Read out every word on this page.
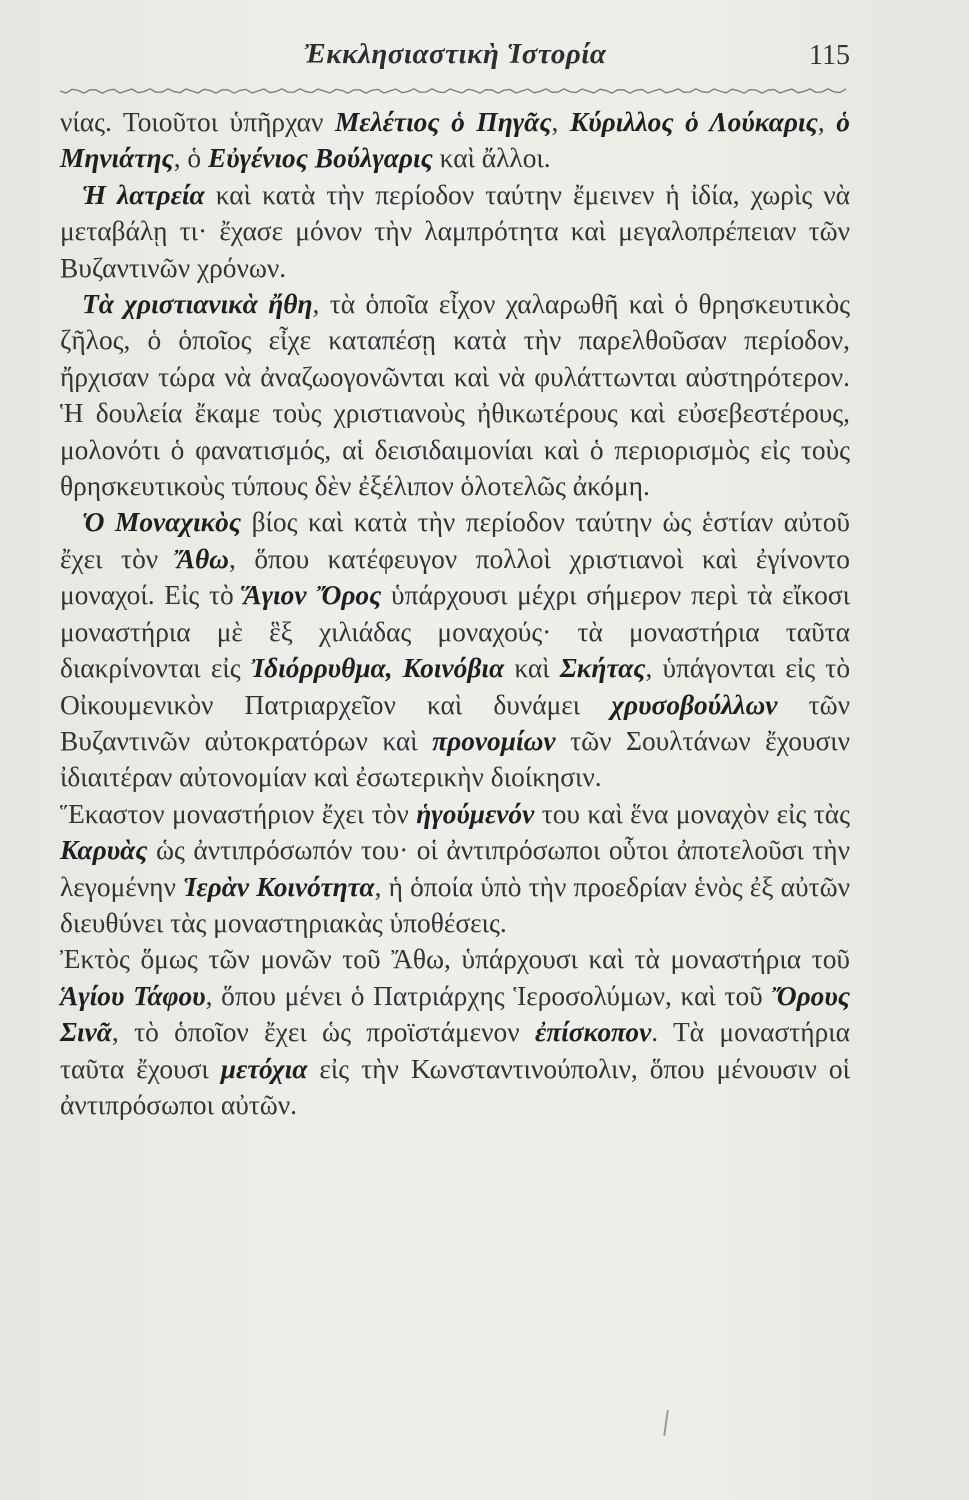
Ἐκκλησιαστικὴ Ἱστορία	115

νίας. Τοιοῦτοι ὑπῆρχαν Μελέτιος ὁ Πηγᾶς, Κύριλλος ὁ Λούκαρις, ὁ Μηνιάτης, ὁ Εὐγένιος Βούλγαρις καὶ ἄλλοι.

Ἡ λατρεία καὶ κατὰ τὴν περίοδον ταύτην ἔμεινεν ἡ ἰδία, χωρὶς νὰ μεταβάλῃ τι· ἔχασε μόνον τὴν λαμπρότητα καὶ μεγαλοπρέπειαν τῶν Βυζαντινῶν χρόνων.

Τὰ χριστιανικὰ ἤθη, τὰ ὁποῖα εἶχον χαλαρωθῆ καὶ ὁ θρησκευτικὸς ζῆλος, ὁ ὁποῖος εἶχε καταπέσῃ κατὰ τὴν παρελθοῦσαν περίοδον, ἤρχισαν τώρα νὰ ἀναζωογονῶνται καὶ νὰ φυλάττωνται αὐστηρότερον. Ἡ δουλεία ἔκαμε τοὺς χριστιανοὺς ἠθικωτέρους καὶ εὐσεβεστέρους, μολονότι ὁ φανατισμός, αἱ δεισιδαιμονίαι καὶ ὁ περιορισμὸς εἰς τοὺς θρησκευτικοὺς τύπους δὲν ἐξέλιπον ὁλοτελῶς ἀκόμη.

Ὁ Μοναχικὸς βίος καὶ κατὰ τὴν περίοδον ταύτην ὡς ἑστίαν αὐτοῦ ἔχει τὸν Ἄθω, ὅπου κατέφευγον πολλοὶ χριστιανοὶ καὶ ἐγίνοντο μοναχοί. Εἰς τὸ Ἅγιον Ὄρος ὑπάρχουσι μέχρι σήμερον περὶ τὰ εἴκοσι μοναστήρια μὲ ἓξ χιλιάδας μοναχούς· τὰ μοναστήρια ταῦτα διακρίνονται εἰς Ἰδιόρρυθμα, Κοινόβια καὶ Σκήτας, ὑπάγονται εἰς τὸ Οἰκουμενικὸν Πατριαρχεῖον καὶ δυνάμει χρυσοβούλλων τῶν Βυζαντινῶν αὐτοκρατόρων καὶ προνομίων τῶν Σουλτάνων ἔχουσιν ἰδιαιτέραν αὐτονομίαν καὶ ἐσωτερικὴν διοίκησιν.

Ἕκαστον μοναστήριον ἔχει τὸν ἡγούμενόν του καὶ ἕνα μοναχὸν εἰς τὰς Καρυὰς ὡς ἀντιπρόσωπόν του· οἱ ἀντιπρόσωποι οὗτοι ἀποτελοῦσι τὴν λεγομένην Ἱερὰν Κοινότητα, ἡ ὁποία ὑπὸ τὴν προεδρίαν ἑνὸς ἐξ αὐτῶν διευθύνει τὰς μοναστηριακὰς ὑποθέσεις.

Ἐκτὸς ὅμως τῶν μονῶν τοῦ Ἄθω, ὑπάρχουσι καὶ τὰ μοναστήρια τοῦ Ἁγίου Τάφου, ὅπου μένει ὁ Πατριάρχης Ἱεροσολύμων, καὶ τοῦ Ὄρους Σινᾶ, τὸ ὁποῖον ἔχει ὡς προϊστάμενον ἐπίσκοπον. Τὰ μοναστήρια ταῦτα ἔχουσι μετόχια εἰς τὴν Κωνσταντινούπολιν, ὅπου μένουσιν οἱ ἀντιπρόσωποι αὐτῶν.
